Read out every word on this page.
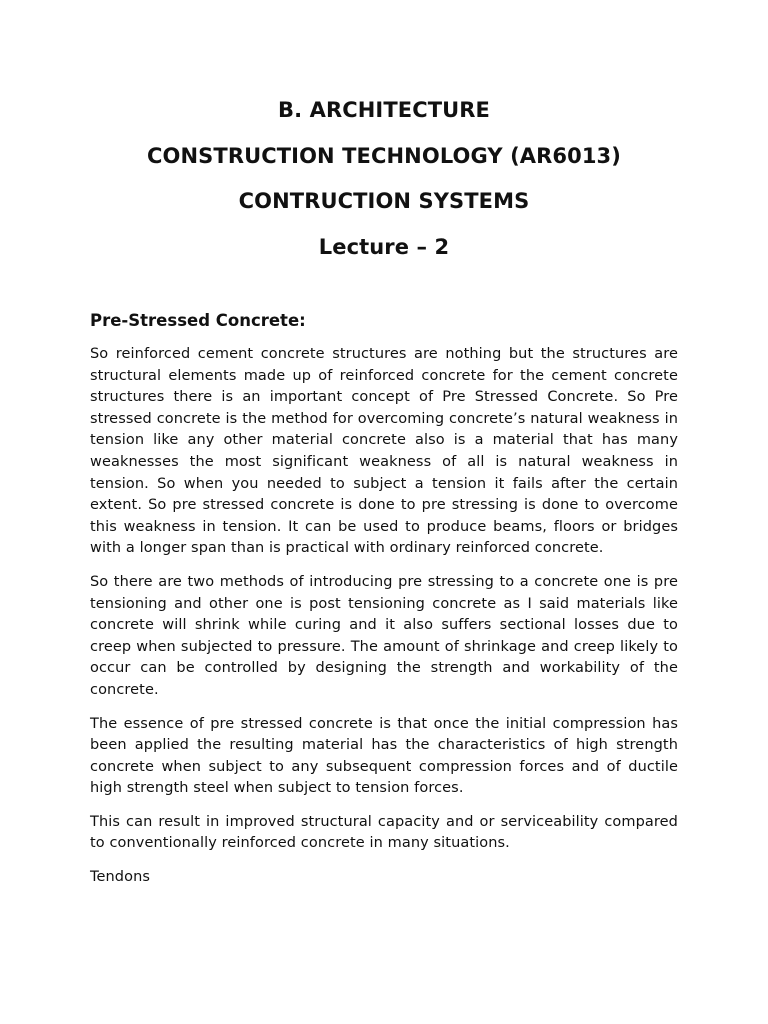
B. ARCHITECTURE

CONSTRUCTION TECHNOLOGY (AR6013)

CONTRUCTION SYSTEMS

Lecture – 2

Pre-Stressed Concrete:

So reinforced cement concrete structures are nothing but the structures are structural elements made up of reinforced concrete for the cement concrete structures there is an important concept of Pre Stressed Concrete. So Pre stressed concrete is the method for overcoming concrete’s natural weakness in tension like any other material concrete also is a material that has many weaknesses the most significant weakness of all is natural weakness in tension. So when you needed to subject a tension it fails after the certain extent. So pre stressed concrete is done to pre stressing is done to overcome this weakness in tension. It can be used to produce beams, floors or bridges with a longer span than is practical with ordinary reinforced concrete.

So there are two methods of introducing pre stressing to a concrete one is pre tensioning and other one is post tensioning concrete as I said materials like concrete will shrink while curing and it also suffers sectional losses due to creep when subjected to pressure. The amount of shrinkage and creep likely to occur can be controlled by designing the strength and workability of the concrete.

The essence of pre stressed concrete is that once the initial compression has been applied the resulting material has the characteristics of high strength concrete when subject to any subsequent compression forces and of ductile high strength steel when subject to tension forces.

This can result in improved structural capacity and or serviceability compared to conventionally reinforced concrete in many situations.

Tendons
